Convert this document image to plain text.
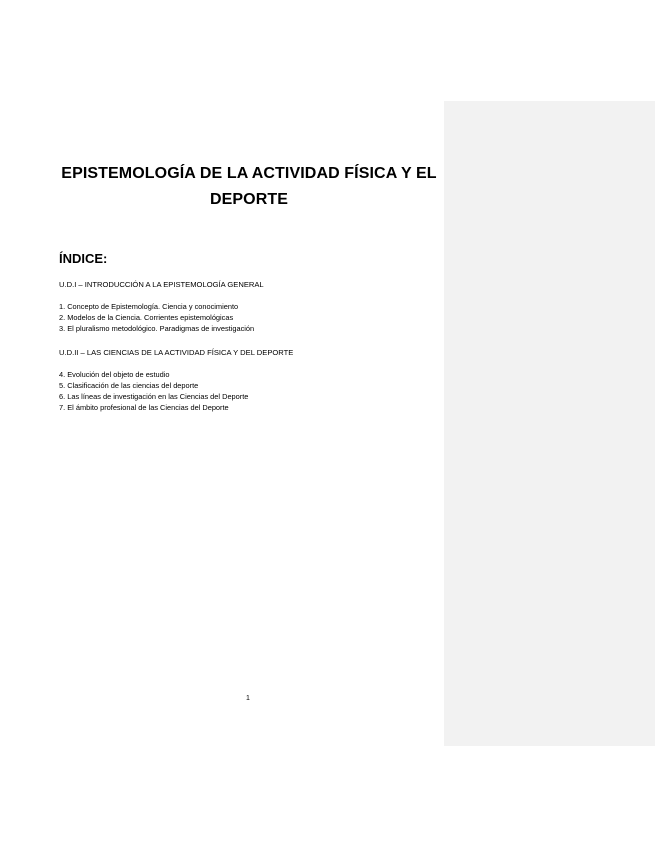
EPISTEMOLOGÍA DE LA ACTIVIDAD FÍSICA Y EL
DEPORTE
ÍNDICE:
U.D.I – INTRODUCCIÓN A LA EPISTEMOLOGÍA GENERAL
1. Concepto de Epistemología. Ciencia y conocimiento
2. Modelos de la Ciencia. Corrientes epistemológicas
3. El pluralismo metodológico. Paradigmas de investigación
U.D.II – LAS CIENCIAS DE LA ACTIVIDAD FÍSICA Y DEL DEPORTE
4. Evolución del objeto de estudio
5. Clasificación de las ciencias del deporte
6. Las líneas de investigación en las Ciencias del Deporte
7. El ámbito profesional de las Ciencias del Deporte
1
